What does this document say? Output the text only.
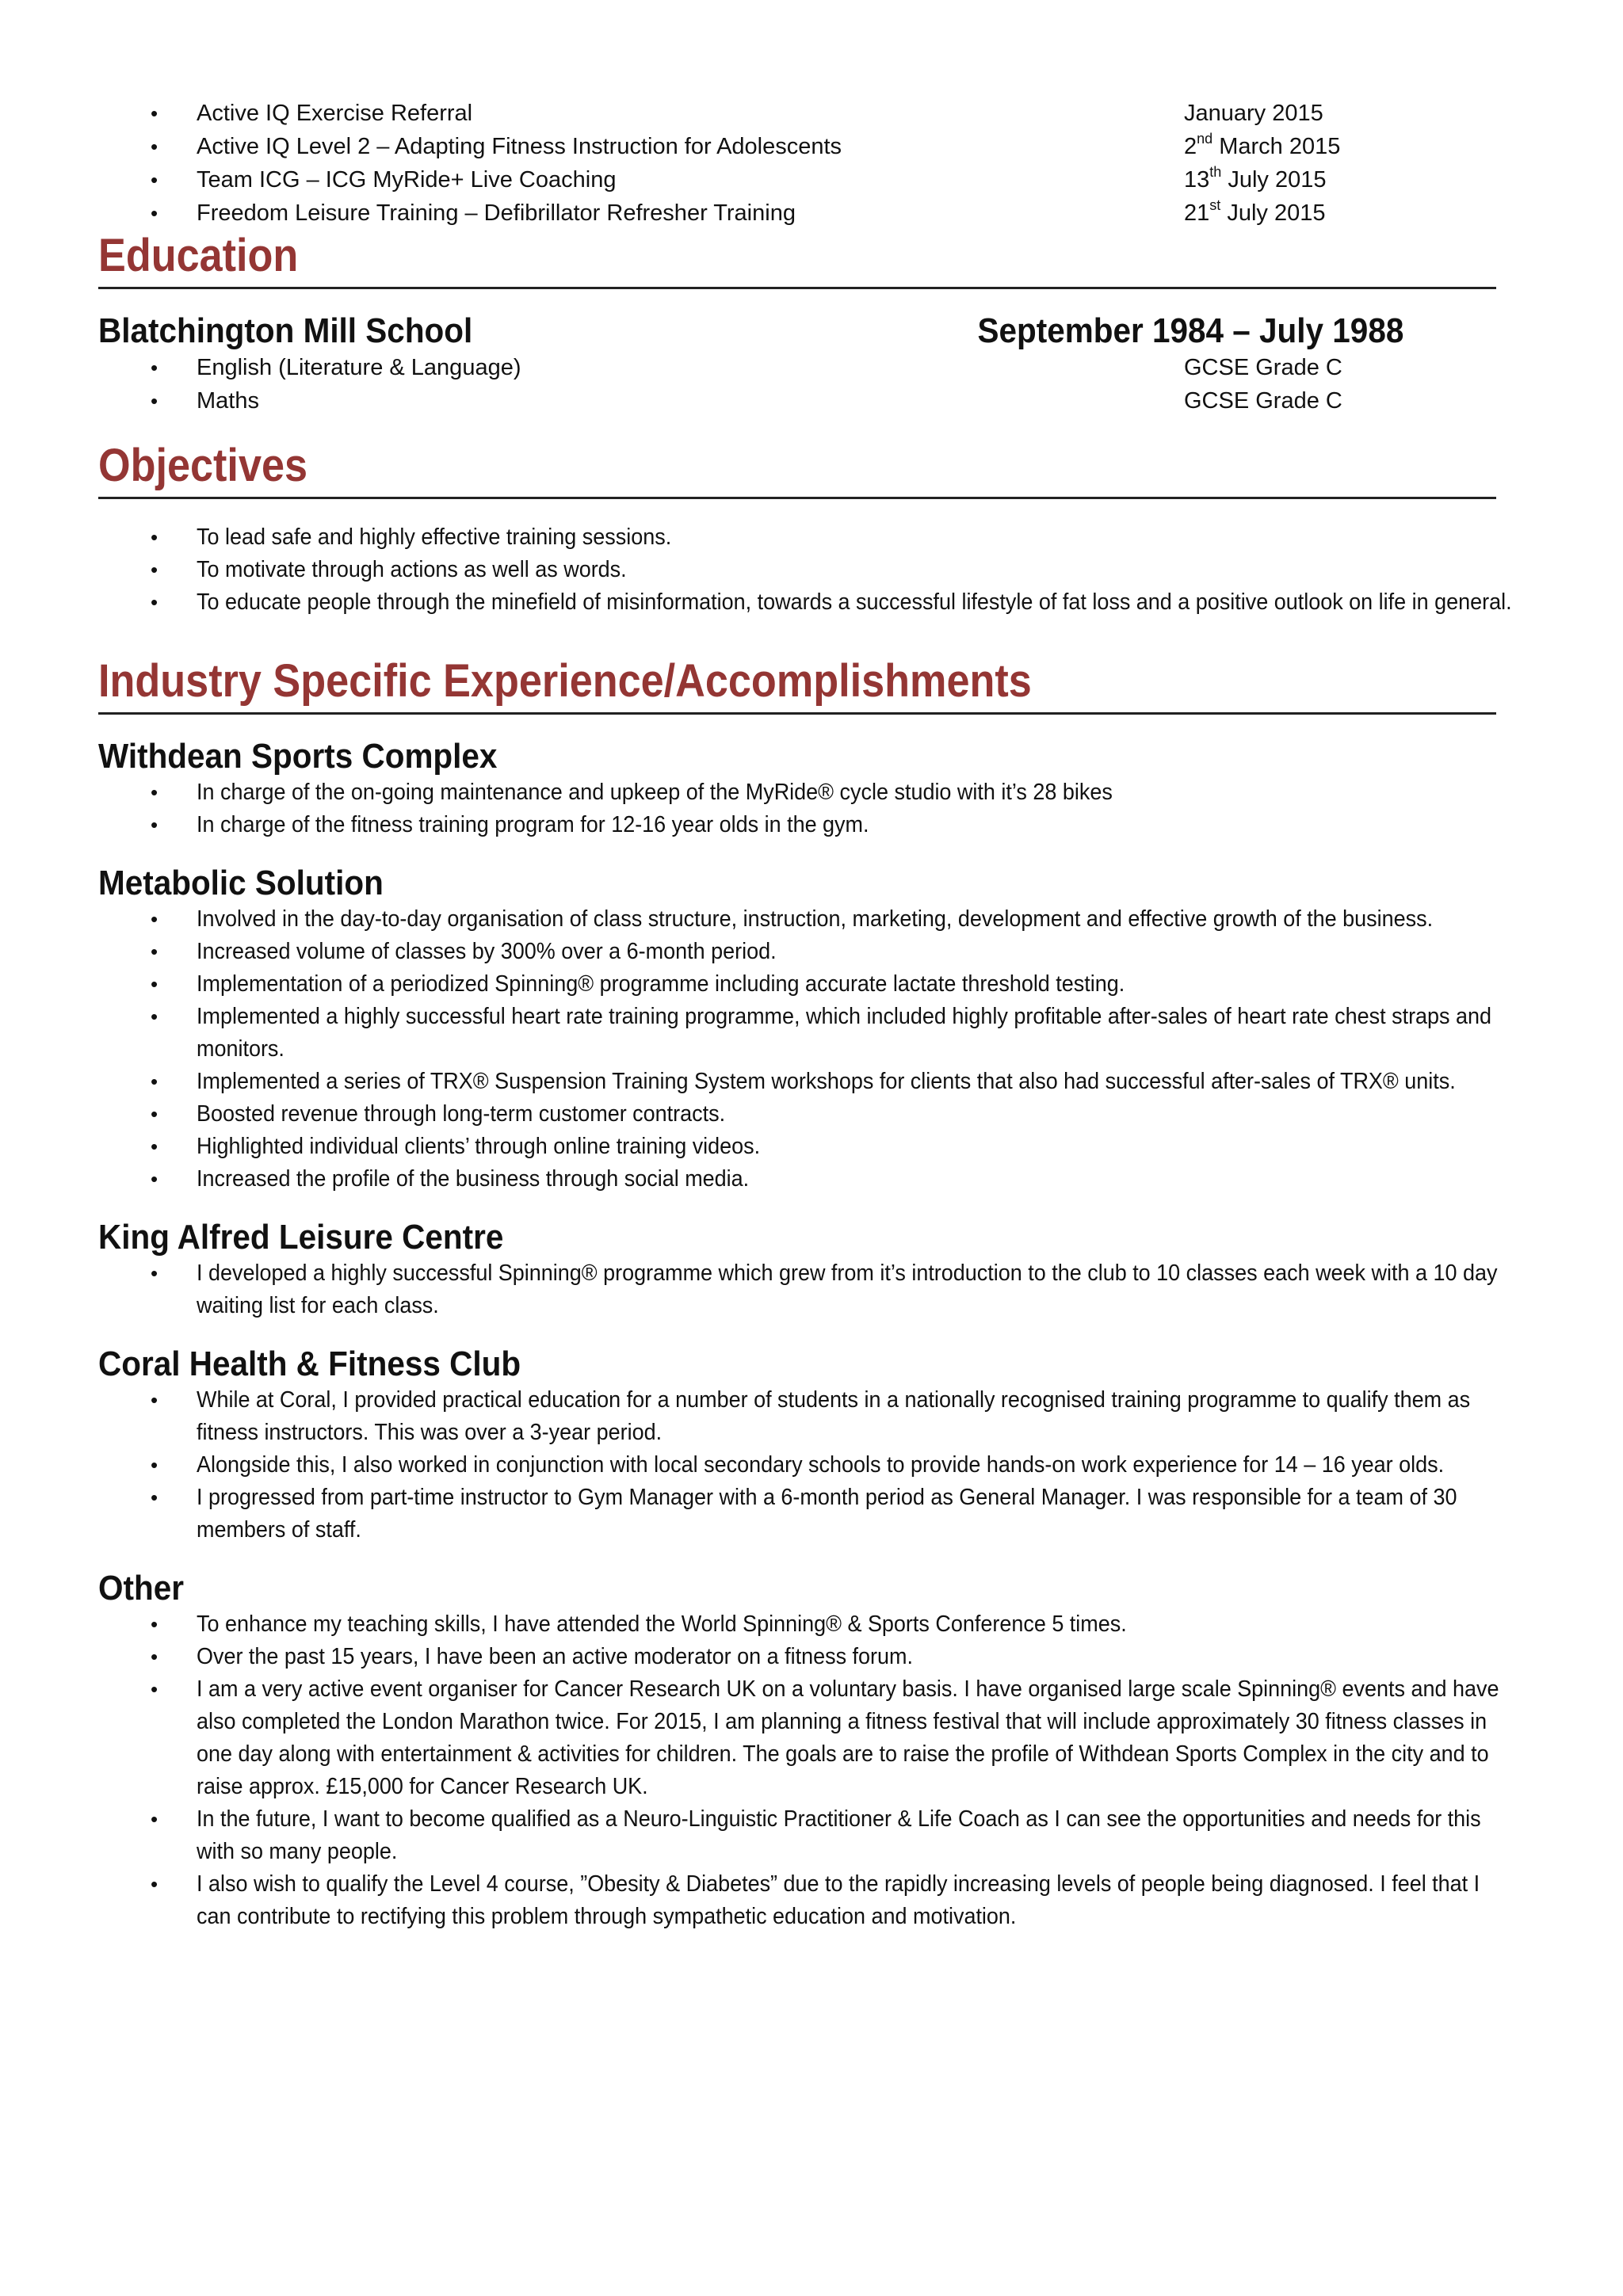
• Active IQ Exercise Referral	January 2015
• Active IQ Level 2 – Adapting Fitness Instruction for Adolescents	2nd March 2015
• Team ICG – ICG MyRide+ Live Coaching	13th July 2015
• Freedom Leisure Training – Defibrillator Refresher Training	21st July 2015
Education
Blatchington Mill School	September 1984 – July 1988
• English (Literature & Language)	GCSE Grade C
• Maths	GCSE Grade C
Objectives
• To lead safe and highly effective training sessions.
• To motivate through actions as well as words.
• To educate people through the minefield of misinformation, towards a successful lifestyle of fat loss and a positive outlook on life in general.
Industry Specific Experience/Accomplishments
Withdean Sports Complex
• In charge of the on-going maintenance and upkeep of the MyRide® cycle studio with it’s 28 bikes
• In charge of the fitness training program for 12-16 year olds in the gym.
Metabolic Solution
• Involved in the day-to-day organisation of class structure, instruction, marketing, development and effective growth of the business.
• Increased volume of classes by 300% over a 6-month period.
• Implementation of a periodized Spinning® programme including accurate lactate threshold testing.
• Implemented a highly successful heart rate training programme, which included highly profitable after-sales of heart rate chest straps and monitors.
• Implemented a series of TRX® Suspension Training System workshops for clients that also had successful after-sales of TRX® units.
• Boosted revenue through long-term customer contracts.
• Highlighted individual clients’ through online training videos.
• Increased the profile of the business through social media.
King Alfred Leisure Centre
• I developed a highly successful Spinning® programme which grew from it’s introduction to the club to 10 classes each week with a 10 day waiting list for each class.
Coral Health & Fitness Club
• While at Coral, I provided practical education for a number of students in a nationally recognised training programme to qualify them as fitness instructors. This was over a 3-year period.
• Alongside this, I also worked in conjunction with local secondary schools to provide hands-on work experience for 14 – 16 year olds.
• I progressed from part-time instructor to Gym Manager with a 6-month period as General Manager. I was responsible for a team of 30 members of staff.
Other
• To enhance my teaching skills, I have attended the World Spinning® & Sports Conference 5 times.
• Over the past 15 years, I have been an active moderator on a fitness forum.
• I am a very active event organiser for Cancer Research UK on a voluntary basis. I have organised large scale Spinning® events and have also completed the London Marathon twice. For 2015, I am planning a fitness festival that will include approximately 30 fitness classes in one day along with entertainment & activities for children. The goals are to raise the profile of Withdean Sports Complex in the city and to raise approx. £15,000 for Cancer Research UK.
• In the future, I want to become qualified as a Neuro-Linguistic Practitioner & Life Coach as I can see the opportunities and needs for this with so many people.
• I also wish to qualify the Level 4 course, ”Obesity & Diabetes” due to the rapidly increasing levels of people being diagnosed. I feel that I can contribute to rectifying this problem through sympathetic education and motivation.
